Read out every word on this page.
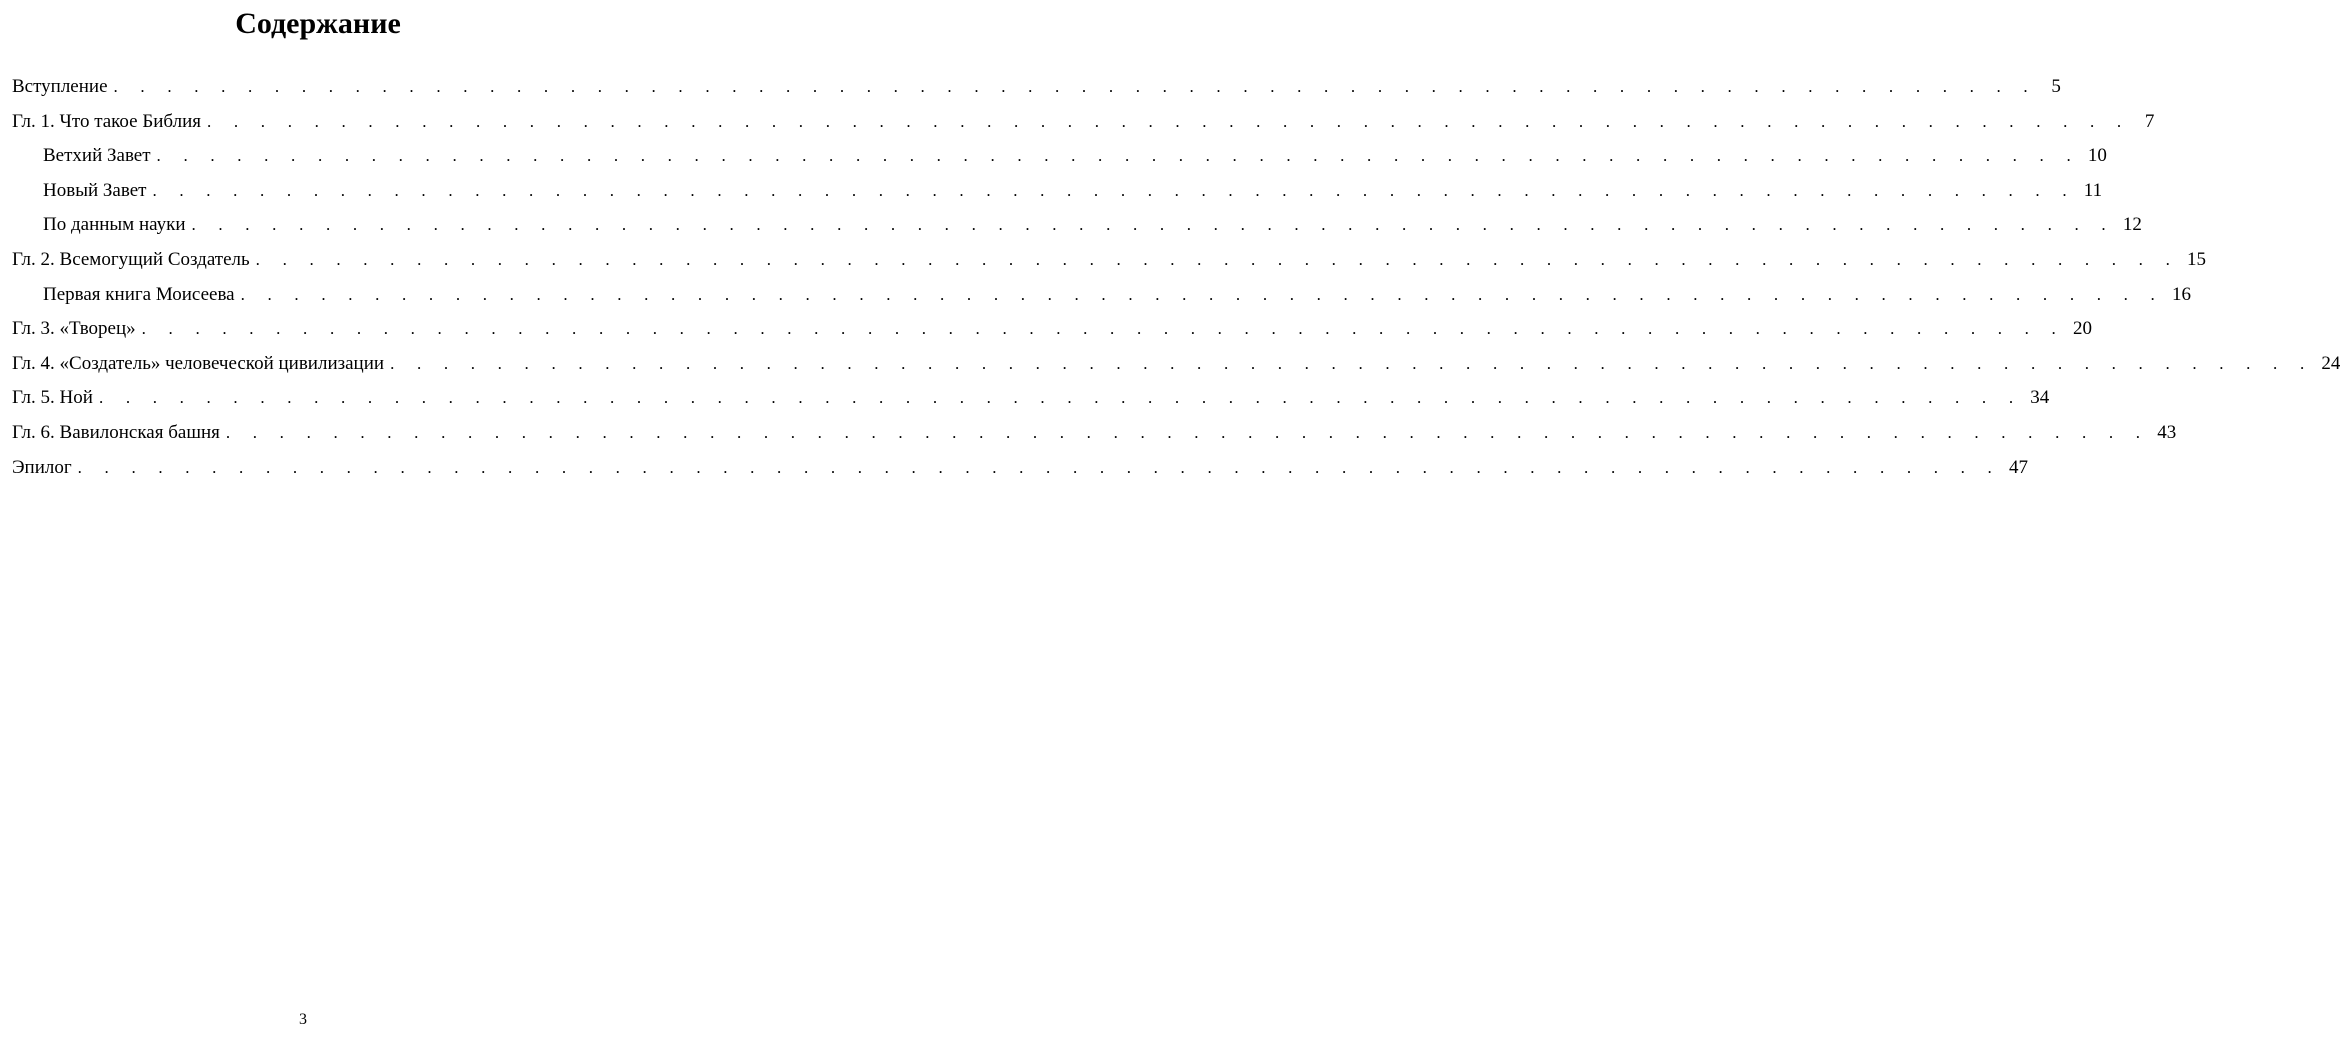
Содержание
Вступление . . . . . . . . . . . . . . . . . . . . . . . . . . . . . . . . . . . . . . . . . . . . . . . . . . . . . . . . . . . . . . . . . . . . . . . . 5
Гл. 1. Что такое Библия . . . . . . . . . . . . . . . . . . . . . . . . . . . . . . . . . . . . . . . . . . . . . . . . . . . . . . . . . . . . . . . . . . . . . . . . 7
Ветхий Завет . . . . . . . . . . . . . . . . . . . . . . . . . . . . . . . . . . . . . . . . . . . . . . . . . . . . . . . . . . . . . . . . . . . . . . . . 10
Новый Завет . . . . . . . . . . . . . . . . . . . . . . . . . . . . . . . . . . . . . . . . . . . . . . . . . . . . . . . . . . . . . . . . . . . . . . . . 11
По данным науки . . . . . . . . . . . . . . . . . . . . . . . . . . . . . . . . . . . . . . . . . . . . . . . . . . . . . . . . . . . . . . . . . . . . . . . . 12
Гл. 2. Всемогущий Создатель . . . . . . . . . . . . . . . . . . . . . . . . . . . . . . . . . . . . . . . . . . . . . . . . . . . . . . . . . . . . . . . . . . . . . . . . 15
Первая книга Моисеева . . . . . . . . . . . . . . . . . . . . . . . . . . . . . . . . . . . . . . . . . . . . . . . . . . . . . . . . . . . . . . . . . . . . . . . . 16
Гл. 3. «Творец» . . . . . . . . . . . . . . . . . . . . . . . . . . . . . . . . . . . . . . . . . . . . . . . . . . . . . . . . . . . . . . . . . . . . . . . . 20
Гл. 4. «Создатель» человеческой цивилизации . . . . . . . . . . . . . . . . . . . . . . . . . . . . . . . . . . . . . . . . . . . . . . . . . . . . . . . . . . . . . . . . . . . . . . . . 24
Гл. 5. Ной . . . . . . . . . . . . . . . . . . . . . . . . . . . . . . . . . . . . . . . . . . . . . . . . . . . . . . . . . . . . . . . . . . . . . . . . 34
Гл. 6. Вавилонская башня . . . . . . . . . . . . . . . . . . . . . . . . . . . . . . . . . . . . . . . . . . . . . . . . . . . . . . . . . . . . . . . . . . . . . . . . 43
Эпилог . . . . . . . . . . . . . . . . . . . . . . . . . . . . . . . . . . . . . . . . . . . . . . . . . . . . . . . . . . . . . . . . . . . . . . . . 47
3
